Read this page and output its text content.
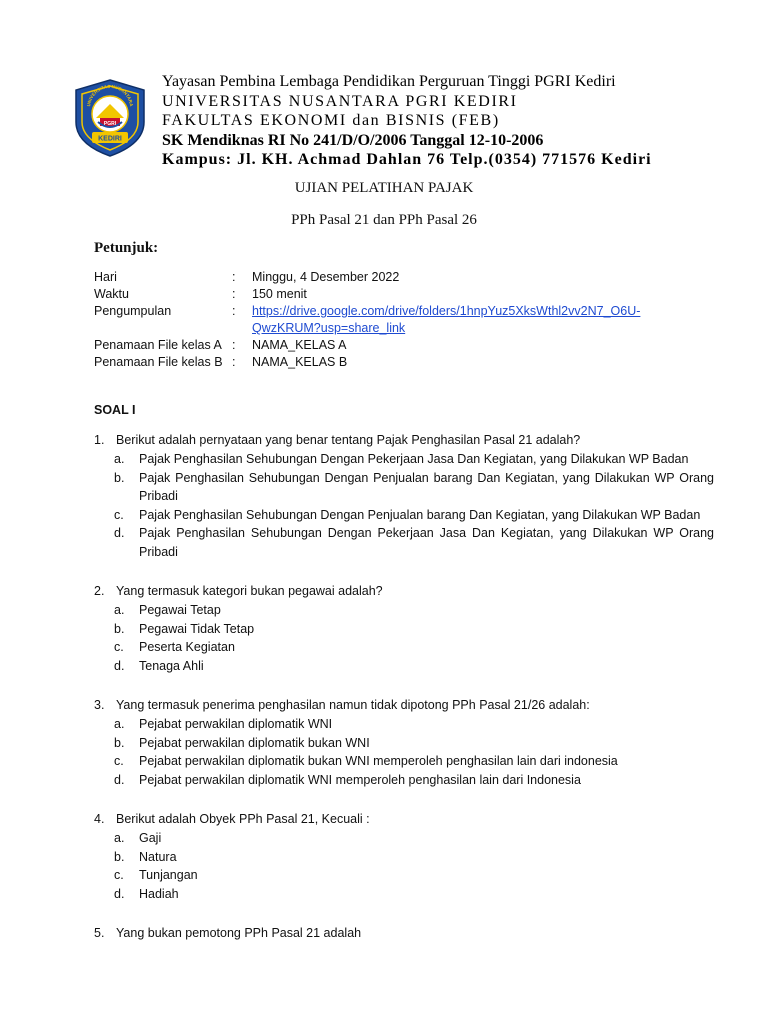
PGRI
KEDIRI
UNIVERSITAS NUSANTARA
Yayasan Pembina Lembaga Pendidikan Perguruan Tinggi PGRI Kediri
UNIVERSITAS NUSANTARA PGRI KEDIRI
FAKULTAS EKONOMI dan BISNIS (FEB)
SK Mendiknas RI No 241/D/O/2006 Tanggal 12-10-2006
Kampus: Jl. KH. Achmad Dahlan 76 Telp.(0354) 771576 Kediri
UJIAN PELATIHAN PAJAK
PPh Pasal 21 dan PPh Pasal 26
Petunjuk:
Hari	: Minggu, 4 Desember 2022
Waktu	: 150 menit
Pengumpulan	: https://drive.google.com/drive/folders/1hnpYuz5XksWthl2vv2N7_O6U-
QwzKRUM?usp=share_link
Penamaan File kelas A : NAMA_KELAS A
Penamaan File kelas B : NAMA_KELAS B
SOAL I
1. Berikut adalah pernyataan yang benar tentang Pajak Penghasilan Pasal 21 adalah?
a. Pajak Penghasilan Sehubungan Dengan Pekerjaan Jasa Dan Kegiatan, yang Dilakukan WP Badan
b. Pajak Penghasilan Sehubungan Dengan Penjualan barang Dan Kegiatan, yang Dilakukan WP Orang Pribadi
c. Pajak Penghasilan Sehubungan Dengan Penjualan barang Dan Kegiatan, yang Dilakukan WP Badan
d. Pajak Penghasilan Sehubungan Dengan Pekerjaan Jasa Dan Kegiatan, yang Dilakukan WP Orang Pribadi
2. Yang termasuk kategori bukan pegawai adalah?
a. Pegawai Tetap
b. Pegawai Tidak Tetap
c. Peserta Kegiatan
d. Tenaga Ahli
3. Yang termasuk penerima penghasilan namun tidak dipotong PPh Pasal 21/26 adalah:
a. Pejabat perwakilan diplomatik WNI
b. Pejabat perwakilan diplomatik bukan WNI
c. Pejabat perwakilan diplomatik bukan WNI memperoleh penghasilan lain dari indonesia
d. Pejabat perwakilan diplomatik WNI memperoleh penghasilan lain dari Indonesia
4. Berikut adalah Obyek PPh Pasal 21, Kecuali :
a. Gaji
b. Natura
c. Tunjangan
d. Hadiah
5. Yang bukan pemotong PPh Pasal 21 adalah
